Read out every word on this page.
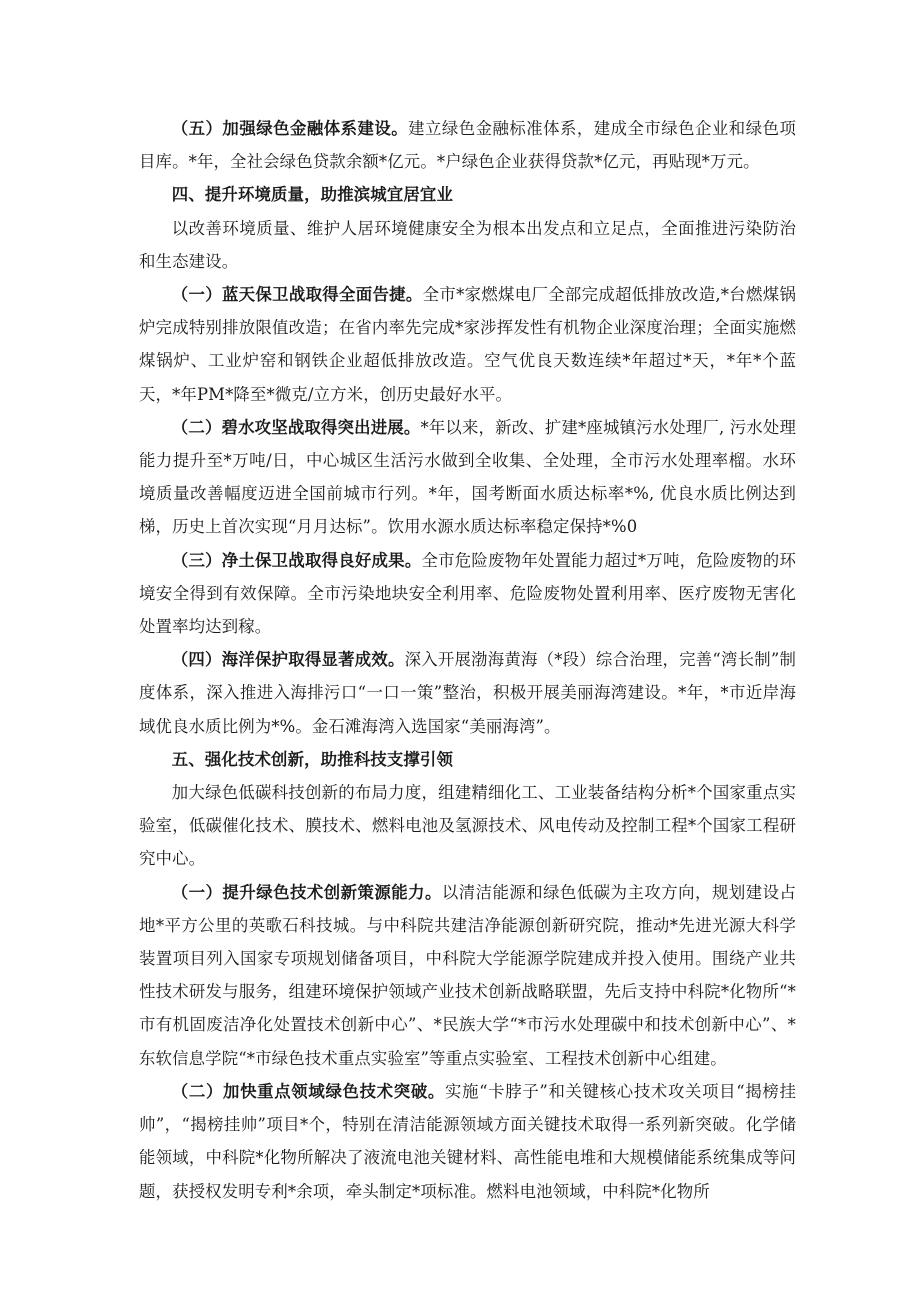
（五）加强绿色金融体系建设。建立绿色金融标准体系，建成全市绿色企业和绿色项目库。*年，全社会绿色贷款余额*亿元。*户绿色企业获得贷款*亿元，再贴现*万元。

四、提升环境质量，助推滨城宜居宜业

以改善环境质量、维护人居环境健康安全为根本出发点和立足点，全面推进污染防治和生态建设。

（一）蓝天保卫战取得全面告捷。全市*家燃煤电厂全部完成超低排放改造,*台燃煤锅炉完成特别排放限值改造；在省内率先完成*家涉挥发性有机物企业深度治理；全面实施燃煤锅炉、工业炉窑和钢铁企业超低排放改造。空气优良天数连续*年超过*天，*年*个蓝天，*年PM*降至*微克/立方米，创历史最好水平。

（二）碧水攻坚战取得突出进展。*年以来，新改、扩建*座城镇污水处理厂, 污水处理能力提升至*万吨/日，中心城区生活污水做到全收集、全处理，全市污水处理率榴。水环境质量改善幅度迈进全国前城市行列。*年，国考断面水质达标率*%, 优良水质比例达到梯，历史上首次实现“月月达标”。饮用水源水质达标率稳定保持*%0

（三）净土保卫战取得良好成果。全市危险废物年处置能力超过*万吨，危险废物的环境安全得到有效保障。全市污染地块安全利用率、危险废物处置利用率、医疗废物无害化处置率均达到稼。

（四）海洋保护取得显著成效。深入开展渤海黄海（*段）综合治理，完善“湾长制”制度体系，深入推进入海排污口“一口一策”整治，积极开展美丽海湾建设。*年，*市近岸海域优良水质比例为*%。金石滩海湾入选国家“美丽海湾”。

五、强化技术创新，助推科技支撑引领

加大绿色低碳科技创新的布局力度，组建精细化工、工业装备结构分析*个国家重点实验室，低碳催化技术、膜技术、燃料电池及氢源技术、风电传动及控制工程*个国家工程研究中心。

（一）提升绿色技术创新策源能力。以清洁能源和绿色低碳为主攻方向，规划建设占地*平方公里的英歌石科技城。与中科院共建洁净能源创新研究院，推动*先进光源大科学装置项目列入国家专项规划储备项目，中科院大学能源学院建成并投入使用。围绕产业共性技术研发与服务，组建环境保护领域产业技术创新战略联盟，先后支持中科院*化物所“*市有机固废洁净化处置技术创新中心”、*民族大学“*市污水处理碳中和技术创新中心”、*东软信息学院“*市绿色技术重点实验室”等重点实验室、工程技术创新中心组建。

（二）加快重点领域绿色技术突破。实施“卡脖子”和关键核心技术攻关项目“揭榜挂帅”，“揭榜挂帅”项目*个，特别在清洁能源领域方面关键技术取得一系列新突破。化学储能领域，中科院*化物所解决了液流电池关键材料、高性能电堆和大规模储能系统集成等问题，获授权发明专利*余项，牵头制定*项标准。燃料电池领域，中科院*化物所
